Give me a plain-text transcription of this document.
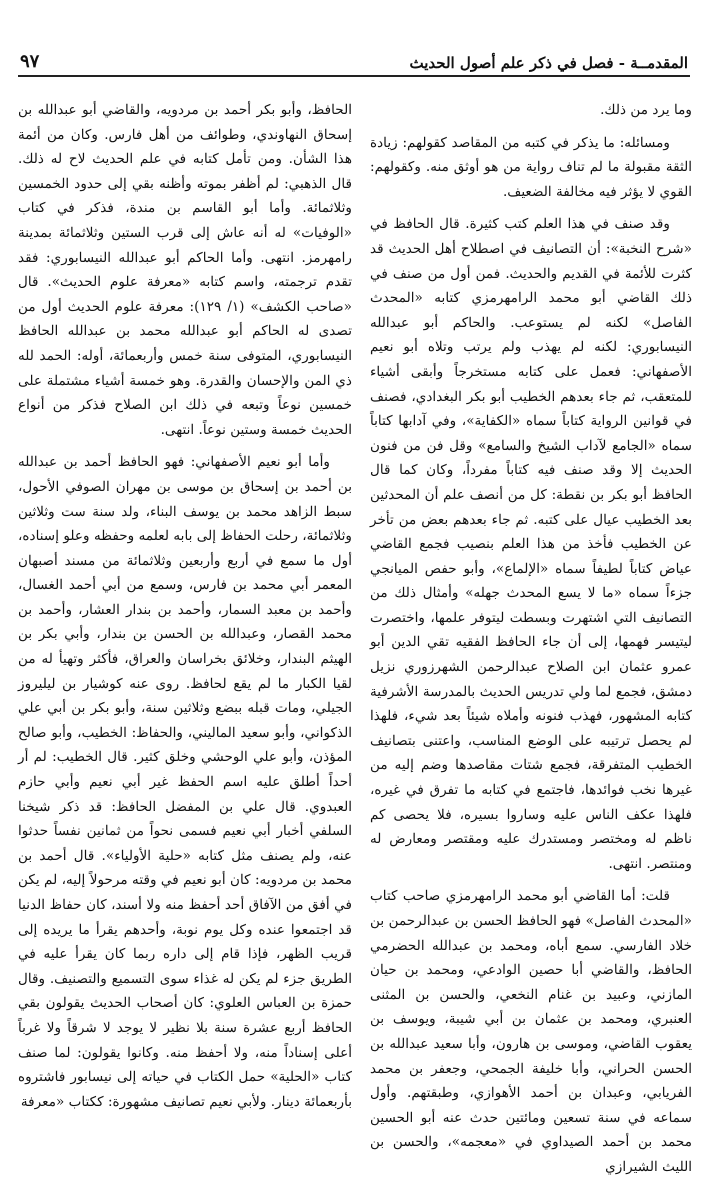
المقدمــة - فصل في ذكر علم أصول الحديث
٩٧

وما يرد من ذلك.

ومسائله: ما يذكر في كتبه من المقاصد كقولهم: زيادة الثقة مقبولة ما لم تناف رواية من هو أوثق منه. وكقولهم: القوي لا يؤثر فيه مخالفة الضعيف.

وقد صنف في هذا العلم كتب كثيرة. قال الحافظ في «شرح النخبة»: أن التصانيف في اصطلاح أهل الحديث قد كثرت للأئمة في القديم والحديث. فمن أول من صنف في ذلك القاضي أبو محمد الرامهرمزي كتابه «المحدث الفاصل» لكنه لم يستوعب. والحاكم أبو عبدالله النيسابوري: لكنه لم يهذب ولم يرتب وتلاه أبو نعيم الأصفهاني: فعمل على كتابه مستخرجاً وأبقى أشياء للمتعقب، ثم جاء بعدهم الخطيب أبو بكر البغدادي، فصنف في قوانين الرواية كتاباً سماه «الكفاية»، وفي آدابها كتاباً سماه «الجامع لآداب الشيخ والسامع» وقل فن من فنون الحديث إلا وقد صنف فيه كتاباً مفرداً، وكان كما قال الحافظ أبو بكر بن نقطة: كل من أنصف علم أن المحدثين بعد الخطيب عيال على كتبه. ثم جاء بعدهم بعض من تأخر عن الخطيب فأخذ من هذا العلم بنصيب فجمع القاضي عياض كتاباً لطيفاً سماه «الإلماع»، وأبو حفص الميانجي جزءاً سماه «ما لا يسع المحدث جهله» وأمثال ذلك من التصانيف التي اشتهرت وبسطت ليتوفر علمها، واختصرت ليتيسر فهمها، إلى أن جاء الحافظ الفقيه تقي الدين أبو عمرو عثمان ابن الصلاح عبدالرحمن الشهرزوري نزيل دمشق، فجمع لما ولي تدريس الحديث بالمدرسة الأشرفية كتابه المشهور، فهذب فنونه وأملاه شيئاً بعد شيء، فلهذا لم يحصل ترتيبه على الوضع المناسب، واعتنى بتصانيف الخطيب المتفرقة، فجمع شتات مقاصدها وضم إليه من غيرها نخب فوائدها، فاجتمع في كتابه ما تفرق في غيره، فلهذا عكف الناس عليه وساروا بسيره، فلا يحصى كم ناظم له ومختصر ومستدرك عليه ومقتصر ومعارض له ومنتصر. انتهى.

قلت: أما القاضي أبو محمد الرامهرمزي صاحب كتاب «المحدث الفاصل» فهو الحافظ الحسن بن عبدالرحمن بن خلاد الفارسي. سمع أباه، ومحمد بن عبدالله الحضرمي الحافظ، والقاضي أبا حصين الوادعي، ومحمد بن حيان المازني، وعبيد بن غنام النخعي، والحسن بن المثنى العنبري، ومحمد بن عثمان بن أبي شيبة، ويوسف بن يعقوب القاضي، وموسى بن هارون، وأبا سعيد عبدالله بن الحسن الحراني، وأبا خليفة الجمحي، وجعفر بن محمد الفريابي، وعبدان بن أحمد الأهوازي، وطبقتهم. وأول سماعه في سنة تسعين ومائتين حدث عنه أبو الحسين محمد بن أحمد الصيداوي في «معجمه»، والحسن بن الليث الشيرازي

الحافظ، وأبو بكر أحمد بن مردويه، والقاضي أبو عبدالله بن إسحاق النهاوندي، وطوائف من أهل فارس. وكان من أئمة هذا الشأن. ومن تأمل كتابه في علم الحديث لاح له ذلك. قال الذهبي: لم أظفر بموته وأظنه بقي إلى حدود الخمسين وثلاثمائة. وأما أبو القاسم بن مندة، فذكر في كتاب «الوفيات» له أنه عاش إلى قرب الستين وثلاثمائة بمدينة رامهرمز. انتهى. وأما الحاكم أبو عبدالله النيسابوري: فقد تقدم ترجمته، واسم كتابه «معرفة علوم الحديث». قال «صاحب الكشف» (١/ ١٢٩): معرفة علوم الحديث أول من تصدى له الحاكم أبو عبدالله محمد بن عبدالله الحافظ النيسابوري، المتوفى سنة خمس وأربعمائة، أوله: الحمد لله ذي المن والإحسان والقدرة. وهو خمسة أشياء مشتملة على خمسين نوعاً وتبعه في ذلك ابن الصلاح فذكر من أنواع الحديث خمسة وستين نوعاً. انتهى.

وأما أبو نعيم الأصفهاني: فهو الحافظ أحمد بن عبدالله بن أحمد بن إسحاق بن موسى بن مهران الصوفي الأحول، سبط الزاهد محمد بن يوسف البناء، ولد سنة ست وثلاثين وثلاثمائة، رحلت الحفاظ إلى بابه لعلمه وحفظه وعلو إسناده، أول ما سمع في أربع وأربعين وثلاثمائة من مسند أصبهان المعمر أبي محمد بن فارس، وسمع من أبي أحمد الغسال، وأحمد بن معبد السمار، وأحمد بن بندار العشار، وأحمد بن محمد القصار، وعبدالله بن الحسن بن بندار، وأبي بكر بن الهيثم البندار، وخلائق بخراسان والعراق، فأكثر وتهيأ له من لقيا الكبار ما لم يقع لحافظ. روى عنه كوشيار بن ليليروز الجيلي، ومات قبله ببضع وثلاثين سنة، وأبو بكر بن أبي علي الذكواني، وأبو سعيد الماليني، والحفاظ: الخطيب، وأبو صالح المؤذن، وأبو علي الوحشي وخلق كثير. قال الخطيب: لم أر أحداً أطلق عليه اسم الحفظ غير أبي نعيم وأبي حازم العبدوي. قال علي بن المفضل الحافظ: قد ذكر شيخنا السلفي أخبار أبي نعيم فسمى نحواً من ثمانين نفساً حدثوا عنه، ولم يصنف مثل كتابه «حلية الأولياء». قال أحمد بن محمد بن مردويه: كان أبو نعيم في وقته مرحولاً إليه، لم يكن في أفق من الآفاق أحد أحفظ منه ولا أسند، كان حفاظ الدنيا قد اجتمعوا عنده وكل يوم نوبة، وأحدهم يقرأ ما يريده إلى قريب الظهر، فإذا قام إلى داره ربما كان يقرأ عليه في الطريق جزء لم يكن له غذاء سوى التسميع والتصنيف. وقال حمزة بن العباس العلوي: كان أصحاب الحديث يقولون بقي الحافظ أربع عشرة سنة بلا نظير لا يوجد لا شرقاً ولا غرباً أعلى إسناداً منه، ولا أحفظ منه. وكانوا يقولون: لما صنف كتاب «الحلية» حمل الكتاب في حياته إلى نيسابور فاشتروه بأربعمائة دينار. ولأبي نعيم تصانيف مشهورة: ككتاب «معرفة
